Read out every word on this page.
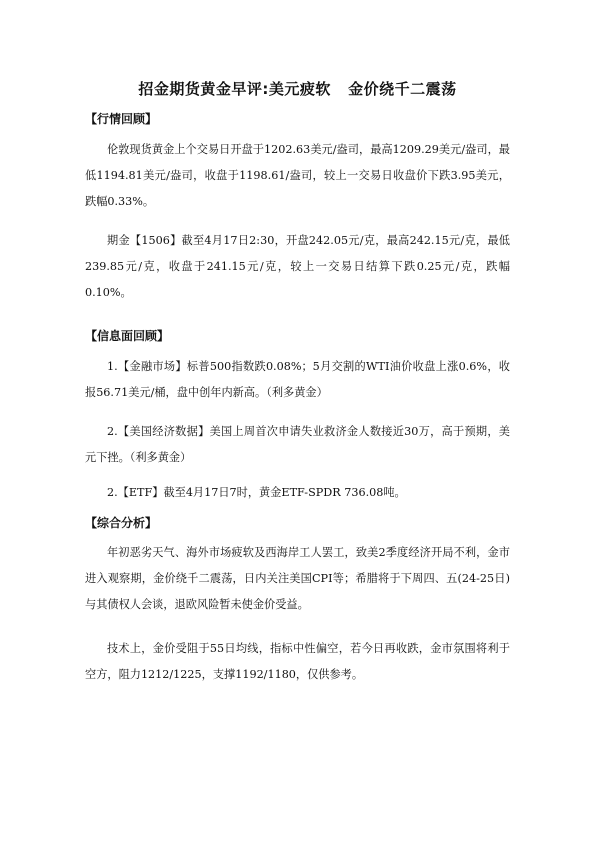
招金期货黄金早评:美元疲软   金价绕千二震荡
【行情回顾】

伦敦现货黄金上个交易日开盘于1202.63美元/盎司，最高1209.29美元/盎司，最低1194.81美元/盎司，收盘于1198.61/盎司，较上一交易日收盘价下跌3.95美元，跌幅0.33%。

期金【1506】截至4月17日2:30，开盘242.05元/克，最高242.15元/克，最低239.85元/克，收盘于241.15元/克，较上一交易日结算下跌0.25元/克，跌幅0.10%。

【信息面回顾】

1.【金融市场】标普500指数跌0.08%；5月交割的WTI油价收盘上涨0.6%，收报56.71美元/桶，盘中创年内新高。（利多黄金）

2.【美国经济数据】美国上周首次申请失业救济金人数接近30万，高于预期，美元下挫。（利多黄金）

2.【ETF】截至4月17日7时，黄金ETF-SPDR 736.08吨。

【综合分析】

年初恶劣天气、海外市场疲软及西海岸工人罢工，致美2季度经济开局不利，金市进入观察期，金价绕千二震荡，日内关注美国CPI等；希腊将于下周四、五(24-25日)与其债权人会谈，退欧风险暂未使金价受益。

技术上，金价受阻于55日均线，指标中性偏空，若今日再收跌，金市氛围将利于空方，阻力1212/1225，支撑1192/1180，仅供参考。
